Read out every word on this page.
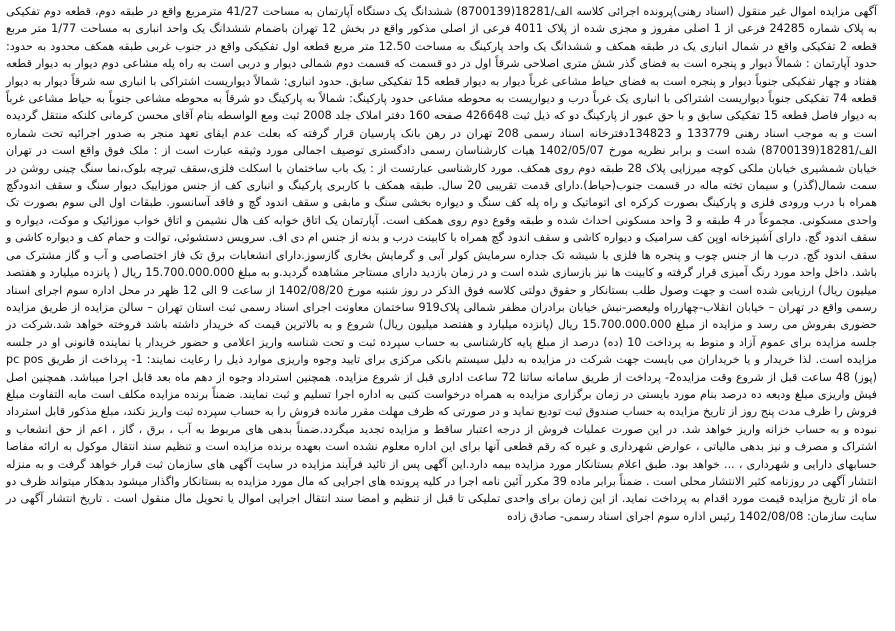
آگهی مزایده اموال غیر منقول (اسناد رهنی)پرونده اجرائی کلاسه الف/18281(8700139) ششدانگ یک دستگاه آپارتمان به مساحت 41/27 مترمربع واقع در طبقه دوم، قطعه دوم تفکیکی به پلاک شماره 24285 فرعی از 1 اصلی مفروز و مجزی شده از پلاک 4011 فرعی از اصلی مذکور واقع در بخش 12 تهران باضمام ششدانگ یک واحد انباری به مساحت 1/77 متر مربع قطعه 2 تفکیکی واقع در شمال انباری یک در طبقه همکف و ششدانگ یک واحد پارکینگ به مساحت 12.50 متر مربع قطعه اول تفکیکی واقع در جنوب غربی طبقه همکف محدود به حدود: حدود آپارتمان : شمالاً دیوار و پنجره است به فضای گذر شش متری اصلاحی شرقاً اول در دو قسمت که قسمت دوم شمالی دیوار و دربی است به راه پله مشاعی دوم دیوار به دیوار قطعه هفتاد و چهار تفکیکی جنوباً دیوار و پنجره است به فضای حیاط مشاعی غرباً دیوار به دیوار قطعه 15 تفکیکی سابق. حدود انباری: شمالاً دیواریست اشتراکی با انباری سه شرقاً دیوار به دیوار قطعه 74 تفکیکی جنوباً دیواریست اشتراکی با انباری یک غرباً درب و دیواریست به محوطه مشاعی حدود پارکینگ: شمالاً به پارکینگ دو شرقاً به محوطه مشاعی جنوباً به حیاط مشاعی غرباً به دیوار فاصل قطعه 15 تفکیکی سابق و با حق عبور از پارکینگ دو که ذیل ثبت 426648 صفحه 160 دفتر املاک جلد 2008 ثبت ومع الواسطه بنام آقای محسن کرمانی کلنکه منتقل گردیده است و به موجب اسناد رهنی 133779 و 134823دفترخانه اسناد رسمی 208 تهران در رهن بانک پارسیان قرار گرفته که بعلت عدم ایفای تعهد منجر به صدور اجرائیه تحت شماره الف/18281(8700139) شده است و برابر نظریه مورخ 1402/05/07 هیات کارشناسان رسمی دادگستری توصیف اجمالی مورد وثیقه عبارت است از : ملک فوق واقع است در تهران خیابان شمشیری خیابان ملکی کوچه میرزایی پلاک 28 طبقه دوم روی همکف. مورد کارشناسی عبارتست از : یک باب ساختمان با اسکلت فلزی،سقف تیرچه بلوک،نما سنگ چینی روشن در سمت شمال(گذر) و سیمان تخته ماله در قسمت جنوب(حیاط).دارای قدمت تقریبی 20 سال. طبقه همکف با کاربری پارکینگ و انباری کف از جنس موزاییک دیوار سنگ و سقف اندودگچ همراه با درب ورودی فلزی و پارکینگ بصورت کرکره ای اتوماتیک و راه پله کف سنگ و دیواره بخشی سنگ و مابقی و سقف اندود گچ و فاقد آسانسور. طبقات اول الی سوم بصورت تک واحدی مسکونی. مجموعاً در 4 طبقه و 3 واحد مسکونی احداث شده و طبقه وقوع دوم روی همکف است. آپارتمان یک اتاق خوابه کف هال نشیمن و اتاق خواب موزائیک و موکت، دیواره و سقف اندود گچ. دارای آشپزخانه اوپن کف سرامیک و دیواره کاشی و سقف اندود گچ همراه با کابینت درب و بدنه از جنس ام دی اف. سرویس دستشوئی، توالت و حمام کف و دیواره کاشی و سقف اندود گچ. درب ها از جنس چوب و پنجره ها فلزی با شیشه تک جداره سرمایش کولر آبی و گرمایش بخاری گازسوز.دارای انشعابات برق تک فاز اختصاصی و آب و گاز مشترک می باشد. داخل واحد مورد رنگ آمیزی قرار گرفته و کابینت ها نیز بازسازی شده است و در زمان بازدید دارای مستاجر مشاهده گردید.و به مبلغ 15.700.000.000 ریال ( پانزده میلیارد و هفتصد میلیون ریال) ارزیابی شده است و جهت وصول طلب بستانکار و حقوق دولتی کلاسه فوق الذکر در روز شنبه مورخ 1402/08/20 از ساعت 9 الی 12 ظهر در محل اداره سوم اجرای اسناد رسمی واقع در تهران – خیابان انقلاب-چهارراه ولیعصر-نبش خیابان برادران مظفر شمالی پلاک919 ساختمان معاونت اجرای اسناد رسمی ثبت استان تهران – سالن مزایده از طریق مزایده حضوری بفروش می رسد و مزایده از مبلغ 15.700.000.000 ریال (پانزده میلیارد و هفتصد میلیون ریال) شروع و به بالاترین قیمت که خریدار داشته باشد فروخته خواهد شد.شرکت در جلسه مزایده برای عموم آزاد و منوط به پرداخت 10 (ده) درصد از مبلغ پایه کارشناسی به حساب سپرده ثبت و تحت شناسه واریز اعلامی و حضور خریدار یا نماینده قانونی او در جلسه مزایده است. لذا خریدار و یا خریداران می بایست جهت شرکت در مزایده به دلیل سیستم بانکی مرکزی برای تایید وجوه واریزی موارد ذیل را رعایت نمایند: 1- پرداخت از طریق pc pos (پوز) 48 ساعت قبل از شروع وقت مزایده2- پرداخت از طریق سامانه ساتنا 72 ساعت اداری قبل از شروع مزایده. همچنین استرداد وجوه از دهم ماه بعد قابل اجرا میباشد. همچنین اصل فیش واریزی مبلغ ودیعه ده درصد بنام مورد بایستی در زمان برگزاری مزایده به همراه درخواست کتبی به اداره اجرا تسلیم و ثبت نمایند. ضمناً برنده مزایده مکلف است مابه التفاوت مبلغ فروش را ظرف مدت پنج روز از تاریخ مزایده به حساب صندوق ثبت تودیع نماید و در صورتی که ظرف مهلت مقرر مانده فروش را به حساب سپرده ثبت واریز نکند، مبلغ مذکور قابل استرداد نبوده و به حساب خزانه واریز خواهد شد. در این صورت عملیات فروش از درجه اعتبار ساقط و مزایده تجدید میگردد.ضمناً بدهی های مربوط به آب ، برق ، گاز ، اعم از حق انشعاب و اشتراک و مصرف و نیز بدهی مالیاتی ، عوارض شهرداری و غیره که رقم قطعی آنها برای این اداره معلوم نشده است بعهده برنده مزایده است و تنظیم سند انتقال موکول به ارائه مفاصا حسابهای دارایی و شهرداری ، ... خواهد بود. طبق اعلام بستانکار مورد مزایده بیمه دارد.این آگهی پس از تائید فرآیند مزایده در سایت آگهی های سازمان ثبت قرار خواهد گرفت و به منزله انتشار آگهی در روزنامه کثیر الانتشار محلی است . ضمناً برابر ماده 39 مکرر آئین نامه اجرا در کلیه پرونده های اجرایی که مال مورد مزایده به بستانکار واگذار میشود بدهکار میتواند ظرف دو ماه از تاریخ مزایده قیمت مورد اقدام به پرداخت نماید. از این زمان برای واحدی تملیکی تا قبل از تنظیم و امضا سند انتقال اجرایی اموال یا تحویل مال منقول است . تاریخ انتشار آگهی در سایت سازمان: 1402/08/08 رئیس اداره سوم اجرای اسناد رسمی- صادق زاده
